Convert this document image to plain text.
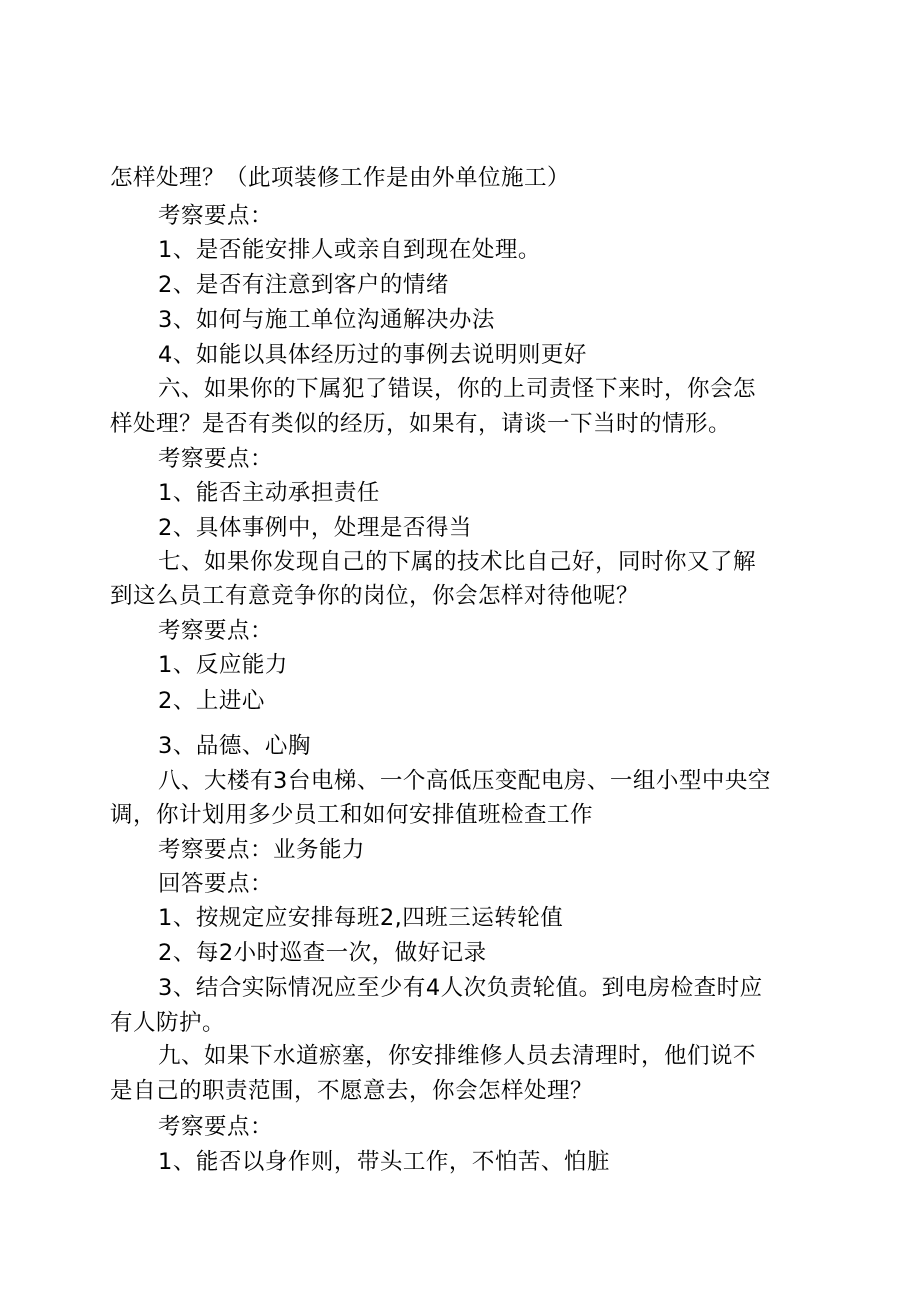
怎样处理？（此项装修工作是由外单位施工）
考察要点：
1、是否能安排人或亲自到现在处理。
2、是否有注意到客户的情绪
3、如何与施工单位沟通解决办法
4、如能以具体经历过的事例去说明则更好
六、如果你的下属犯了错误，你的上司责怪下来时，你会怎
样处理？是否有类似的经历，如果有，请谈一下当时的情形。
考察要点：
1、能否主动承担责任
2、具体事例中，处理是否得当
七、如果你发现自己的下属的技术比自己好，同时你又了解
到这么员工有意竞争你的岗位，你会怎样对待他呢？
考察要点：
1、反应能力
2、上进心
3、品德、心胸
八、大楼有3台电梯、一个高低压变配电房、一组小型中央空
调，你计划用多少员工和如何安排值班检查工作
考察要点：业务能力
回答要点：
1、按规定应安排每班2,四班三运转轮值
2、每2小时巡查一次，做好记录
3、结合实际情况应至少有4人次负责轮值。到电房检查时应
有人防护。
九、如果下水道瘀塞，你安排维修人员去清理时，他们说不
是自己的职责范围，不愿意去，你会怎样处理？
考察要点：
1、能否以身作则，带头工作，不怕苦、怕脏
